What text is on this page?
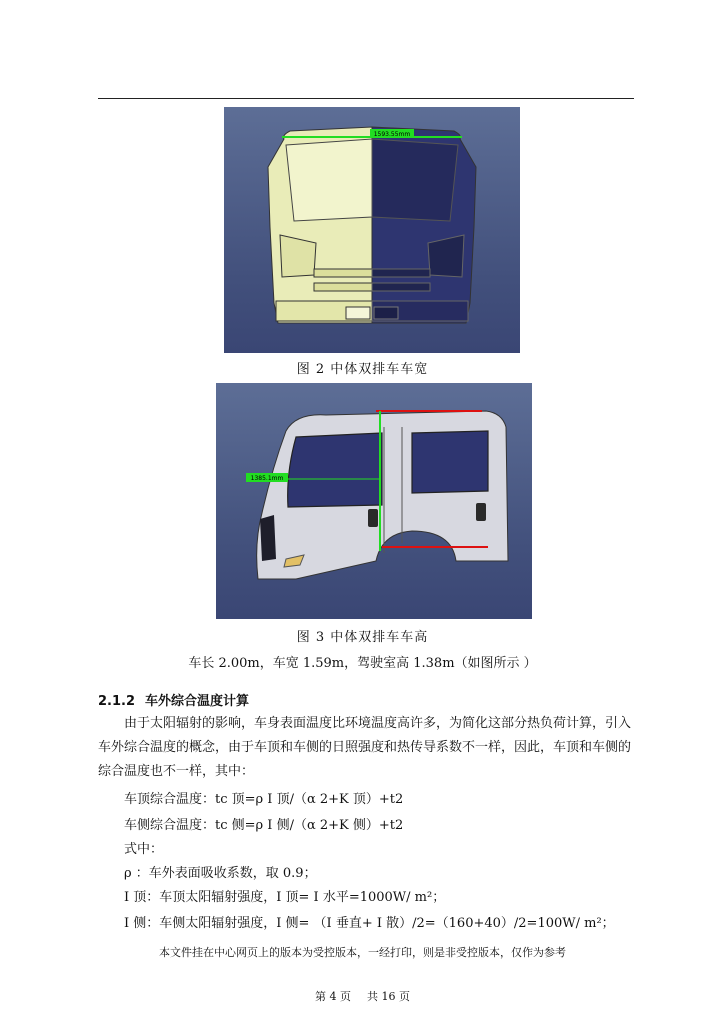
1593.55mm
图 2 中体双排车车宽
1385.1mm
图 3 中体双排车车高
车长 2.00m，车宽 1.59m，驾驶室高 1.38m（如图所示 ）
2.1.2 车外综合温度计算
由于太阳辐射的影响，车身表面温度比环境温度高许多，为简化这部分热负荷计算，引入车外综合温度的概念，由于车顶和车侧的日照强度和热传导系数不一样，因此，车顶和车侧的综合温度也不一样，其中：
车顶综合温度：tc 顶=ρ I 顶/（α 2+K 顶）+t2
车侧综合温度：tc 侧=ρ I 侧/（α 2+K 侧）+t2
式中：
ρ ：车外表面吸收系数，取 0.9；
I 顶：车顶太阳辐射强度，I 顶= I 水平=1000W/ m²；
I 侧：车侧太阳辐射强度，I 侧= （I 垂直+ I 散）/2=（160+40）/2=100W/ m²；
本文件挂在中心网页上的版本为受控版本，一经打印，则是非受控版本，仅作为参考
第 4 页 共 16 页
